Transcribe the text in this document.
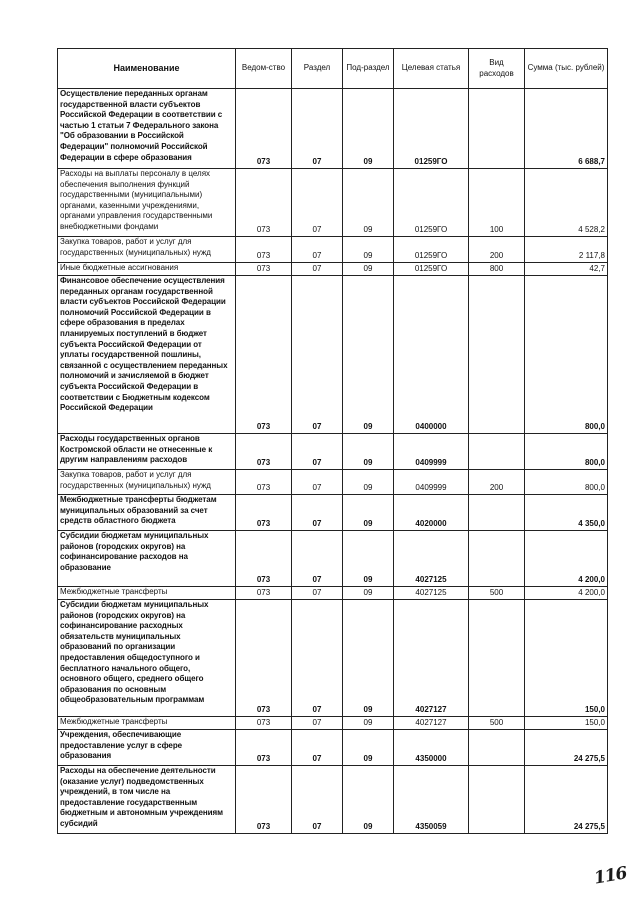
Наименование	Ведом-ство	Раздел	Под-раздел	Целевая статья	Вид расходов	Сумма (тыс. рублей)
Осуществление переданных органам государственной власти субъектов Российской Федерации в соответствии с частью 1 статьи 7 Федерального закона "Об образовании в Российской Федерации" полномочий Российской Федерации в сфере образования	073	07	09	01259ГО		6 688,7
Расходы на выплаты персоналу в целях обеспечения выполнения функций государственными (муниципальными) органами, казенными учреждениями, органами управления государственными внебюджетными фондами	073	07	09	01259ГО	100	4 528,2
Закупка товаров, работ и услуг для государственных (муниципальных) нужд	073	07	09	01259ГО	200	2 117,8
Иные бюджетные ассигнования	073	07	09	01259ГО	800	42,7
Финансовое обеспечение осуществления переданных органам государственной власти субъектов Российской Федерации полномочий Российской Федерации в сфере образования в пределах планируемых поступлений в бюджет субъекта Российской Федерации от уплаты государственной пошлины, связанной с осуществлением переданных полномочий и зачисляемой в бюджет субъекта Российской Федерации в соответствии с Бюджетным кодексом Российской Федерации	073	07	09	0400000		800,0
Расходы государственных органов Костромской области не отнесенные к другим направлениям расходов	073	07	09	0409999		800,0
Закупка товаров, работ и услуг для государственных (муниципальных) нужд	073	07	09	0409999	200	800,0
Межбюджетные трансферты бюджетам муниципальных образований за счет средств областного бюджета	073	07	09	4020000		4 350,0
Субсидии бюджетам муниципальных районов (городских округов) на софинансирование расходов на образование	073	07	09	4027125		4 200,0
Межбюджетные трансферты	073	07	09	4027125	500	4 200,0
Субсидии бюджетам муниципальных районов (городских округов) на софинансирование расходных обязательств муниципальных образований по организации предоставления общедоступного и бесплатного начального общего, основного общего, среднего общего образования по основным общеобразовательным программам	073	07	09	4027127		150,0
Межбюджетные трансферты	073	07	09	4027127	500	150,0
Учреждения, обеспечивающие предоставление услуг в сфере образования	073	07	09	4350000		24 275,5
Расходы на обеспечение деятельности (оказание услуг) подведомственных учреждений, в том числе на предоставление государственным бюджетным и автономным учреждениям субсидий	073	07	09	4350059		24 275,5
116
